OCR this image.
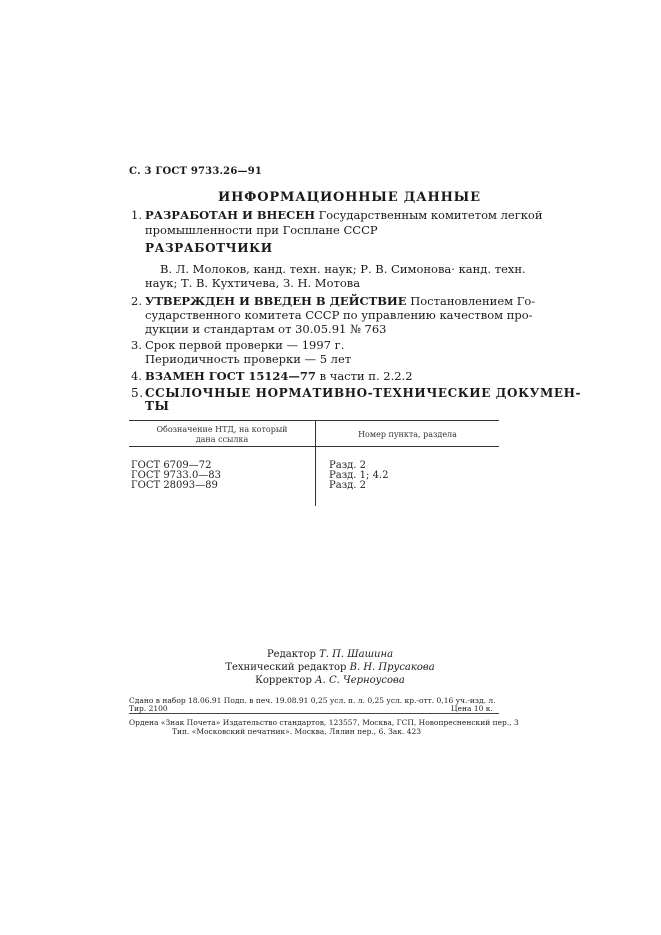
С. 3 ГОСТ 9733.26—91
ИНФОРМАЦИОННЫЕ ДАННЫЕ
1. РАЗРАБОТАН И ВНЕСЕН Государственным комитетом легкой
промышленности при Госплане СССР
РАЗРАБОТЧИКИ
В. Л. Молоков, канд. техн. наук; Р. В. Симонова· канд. техн.
наук; Т. В. Кухтичева, З. Н. Мотова
2. УТВЕРЖДЕН И ВВЕДЕН В ДЕЙСТВИЕ Постановлением Го-
сударственного комитета СССР по управлению качеством про-
дукции и стандартам от 30.05.91 № 763
3. Срок первой проверки — 1997 г.
Периодичность проверки — 5 лет
4. ВЗАМЕН ГОСТ 15124—77 в части п. 2.2.2
5.ССЫЛОЧНЫЕ НОРМАТИВНО-ТЕХНИЧЕСКИЕ ДОКУМЕН-
ТЫ
Обозначение НТД, на который
дана ссылка
Номер пункта, раздела
ГОСТ 6709—72	Разд. 2
ГОСТ 9733.0—83	Разд. 1; 4.2
ГОСТ 28093—89	Разд. 2
Редактор Т. П. Шашина
Технический редактор В. Н. Прусакова
Корректор А. С. Черноусова
Сдано в набор 18.06.91 Подп. в печ. 19.08.91 0,25 усл. п. л. 0,25 усл. кр.-отт. 0,16 уч.-изд. л.
Тир. 2100	Цена 10 к.
Ордена «Знак Почета» Издательство стандартов, 123557, Москва, ГСП, Новопресненский пер., 3
Тип. «Московский печатник». Москва, Лялин пер., 6. Зак. 423
